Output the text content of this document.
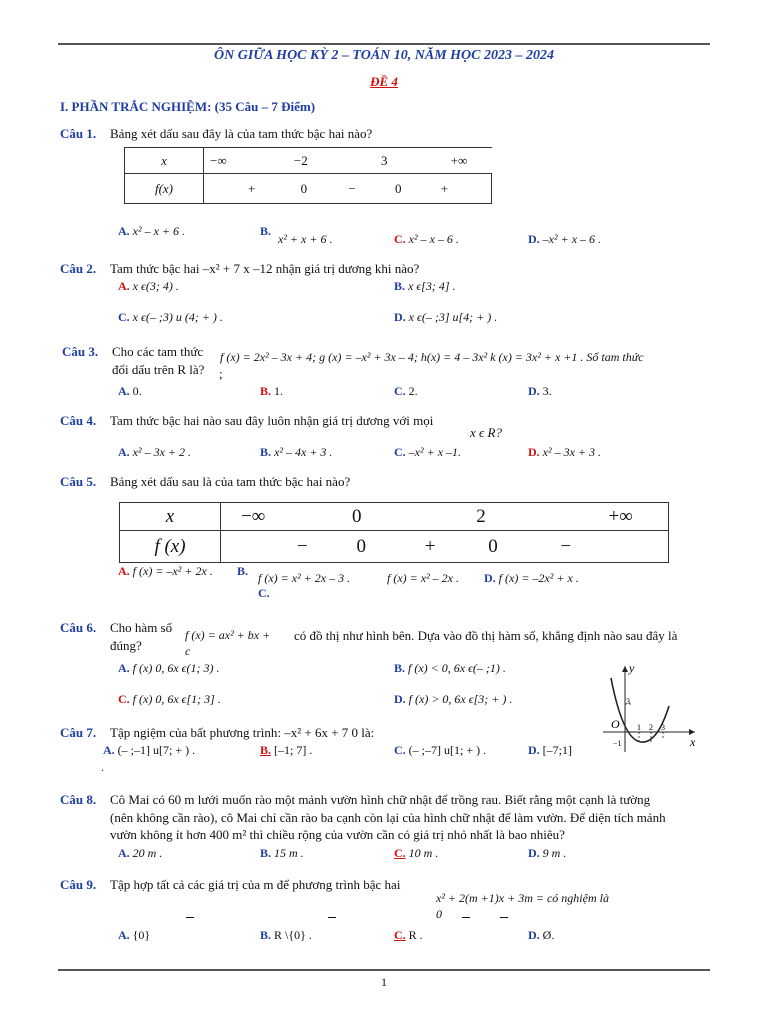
ÔN GIỮA HỌC KỲ 2 – TOÁN 10, NĂM HỌC 2023 – 2024
ĐỀ 4
I. PHẦN TRẮC NGHIỆM: (35 Câu – 7 Điểm)
Câu 1. Bảng xét dấu sau đây là của tam thức bậc hai nào?
x	−∞ −2 3 +∞
f(x)	+ 0 − 0 +
A. x² – x + 6 .	B.
x² + x + 6 .	C. x² – x – 6 .	D. –x² + x – 6 .
Câu 2. Tam thức bậc hai –x² + 7 x –12 nhận giá trị dương khi nào?
A. x ϵ(3; 4) .	B. x ϵ[3; 4] .
C. x ϵ(– ;3) u (4; + ) .	D. x ϵ(– ;3] u[4; + ) .
Câu 3. Cho các tam thức f (x) = 2x² – 3x + 4; g (x) = –x² + 3x – 4; h(x) = 4 – 3x² k (x) = 3x² + x +1 . Số tam thức
đổi dấu trên R là? ;
A. 0.	B. 1.	C. 2.	D. 3.
Câu 4. Tam thức bậc hai nào sau đây luôn nhận giá trị dương với mọi
x ϵ R?
A. x² – 3x + 2 .	B. x² – 4x + 3 .	C. –x² + x –1.	D. x² – 3x + 3 .
Câu 5. Bảng xét dấu sau là của tam thức bậc hai nào?
x	−∞ 0 2 +∞
f (x)	− 0 + 0 −
A. f (x) = –x² + 2x . B. f (x) = x² + 2x – 3 .
C.
f (x) = x² – 2x . D. f (x) = –2x² + x .
Câu 6. Cho hàm số f (x) = ax² + bx +
c
có đồ thị như hình bên. Dựa vào đồ thị hàm số, khẳng định nào sau đây là
đúng?
A. f (x) 0, 6x ϵ(1; 3) .	B. f (x) < 0, 6x ϵ(– ;1) .
C. f (x) 0, 6x ϵ[1; 3] .	D. f (x) > 0, 6x ϵ[3; + ) .
y
x
O
3
1 2 3
−1
Câu 7. Tập ngiệm của bất phương trình: –x² + 6x + 7 0 là:
A. (– ;–1] u[7; + ) .	B. [–1; 7] .	C. (– ;–7] u[1; + ) .	D. [–7;1]
.
Câu 8. Cô Mai có 60 m lưới muốn rào một mảnh vườn hình chữ nhật để trồng rau. Biết rằng một cạnh là tường
(nên không cần rào), cô Mai chỉ cần rào ba cạnh còn lại của hình chữ nhật để làm vườn. Để diện tích mảnh
vườn không ít hơn 400 m² thì chiều rộng của vườn cần có giá trị nhỏ nhất là bao nhiêu?
A. 20 m .	B. 15 m .	C. 10 m .	D. 9 m .
Câu 9. Tập hợp tất cả các giá trị của m để phương trình bậc hai
x² + 2(m +1)x + 3m = có nghiệm là
0
A. {0}	B. R \{0} .	C. R .	D. Ø.
1
